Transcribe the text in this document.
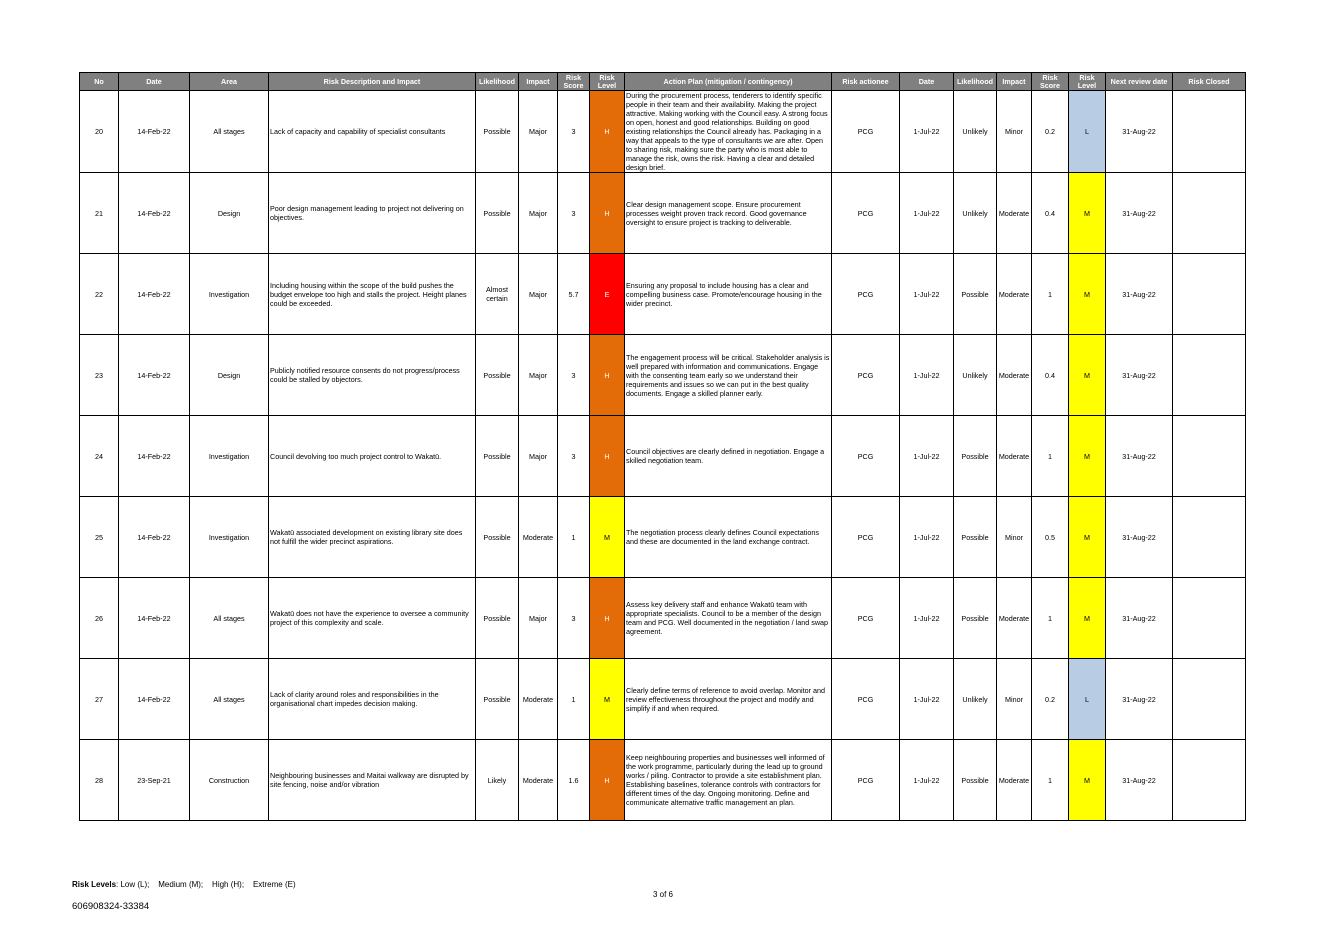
No	Date	Area	Risk Description and Impact	Likelihood	Impact	Risk Score	Risk Level	Action Plan (mitigation / contingency)	Risk actionee	Date	Likelihood	Impact	Risk Score	Risk Level	Next review date	Risk Closed
20	14-Feb-22	All stages	Lack of capacity and capability of specialist consultants	Possible	Major	3	H	During the procurement process, tenderers to identify specific people in their team and their availability. Making the project attractive. Making working with the Council easy. A strong focus on open, honest and good relationships. Building on good existing relationships the Council already has. Packaging in a way that appeals to the type of consultants we are after. Open to sharing risk, making sure the party who is most able to manage the risk, owns the risk. Having a clear and detailed design brief.	PCG	1-Jul-22	Unlikely	Minor	0.2	L	31-Aug-22	
21	14-Feb-22	Design	Poor design management leading to project not delivering on objectives.	Possible	Major	3	H	Clear design management scope. Ensure procurement processes weight proven track record. Good governance oversight to ensure project is tracking to deliverable.	PCG	1-Jul-22	Unlikely	Moderate	0.4	M	31-Aug-22	
22	14-Feb-22	Investigation	Including housing within the scope of the build pushes the budget envelope too high and stalls the project. Height planes could be exceeded.	Almost certain	Major	5.7	E	Ensuring any proposal to include housing has a clear and compelling business case. Promote/encourage housing in the wider precinct.	PCG	1-Jul-22	Possible	Moderate	1	M	31-Aug-22	
23	14-Feb-22	Design	Publicly notified resource consents do not progress/process could be stalled by objectors.	Possible	Major	3	H	The engagement process will be critical. Stakeholder analysis is well prepared with information and communications. Engage with the consenting team early so we understand their requirements and issues so we can put in the best quality documents. Engage a skilled planner early.	PCG	1-Jul-22	Unlikely	Moderate	0.4	M	31-Aug-22	
24	14-Feb-22	Investigation	Council devolving too much project control to Wakatū.	Possible	Major	3	H	Council objectives are clearly defined in negotiation. Engage a skilled negotiation team.	PCG	1-Jul-22	Possible	Moderate	1	M	31-Aug-22	
25	14-Feb-22	Investigation	Wakatū associated development on existing library site does not fulfill the wider precinct aspirations.	Possible	Moderate	1	M	The negotiation process clearly defines Council expectations and these are documented in the land exchange contract.	PCG	1-Jul-22	Possible	Minor	0.5	M	31-Aug-22	
26	14-Feb-22	All stages	Wakatū does not have the experience to oversee a community project of this complexity and scale.	Possible	Major	3	H	Assess key delivery staff and enhance Wakatū team with appropriate specialists. Council to be a member of the design team and PCG. Well documented in the negotiation / land swap agreement.	PCG	1-Jul-22	Possible	Moderate	1	M	31-Aug-22	
27	14-Feb-22	All stages	Lack of clarity around roles and responsibilities in the organisational chart impedes decision making.	Possible	Moderate	1	M	Clearly define terms of reference to avoid overlap. Monitor and review effectiveness throughout the project and modify and simplify if and when required.	PCG	1-Jul-22	Unlikely	Minor	0.2	L	31-Aug-22	
28	23-Sep-21	Construction	Neighbouring businesses and Maitai walkway are disrupted by site fencing, noise and/or vibration	Likely	Moderate	1.6	H	Keep neighbouring properties and businesses well informed of the work programme, particularly during the lead up to ground works / piling. Contractor to provide a site establishment plan. Establishing baselines, tolerance controls with contractors for different times of the day. Ongoing monitoring. Define and communicate alternative traffic management an plan.	PCG	1-Jul-22	Possible	Moderate	1	M	31-Aug-22	
Risk Levels: Low (L);    Medium (M);    High (H);    Extreme (E)
3 of 6
606908324-33384
